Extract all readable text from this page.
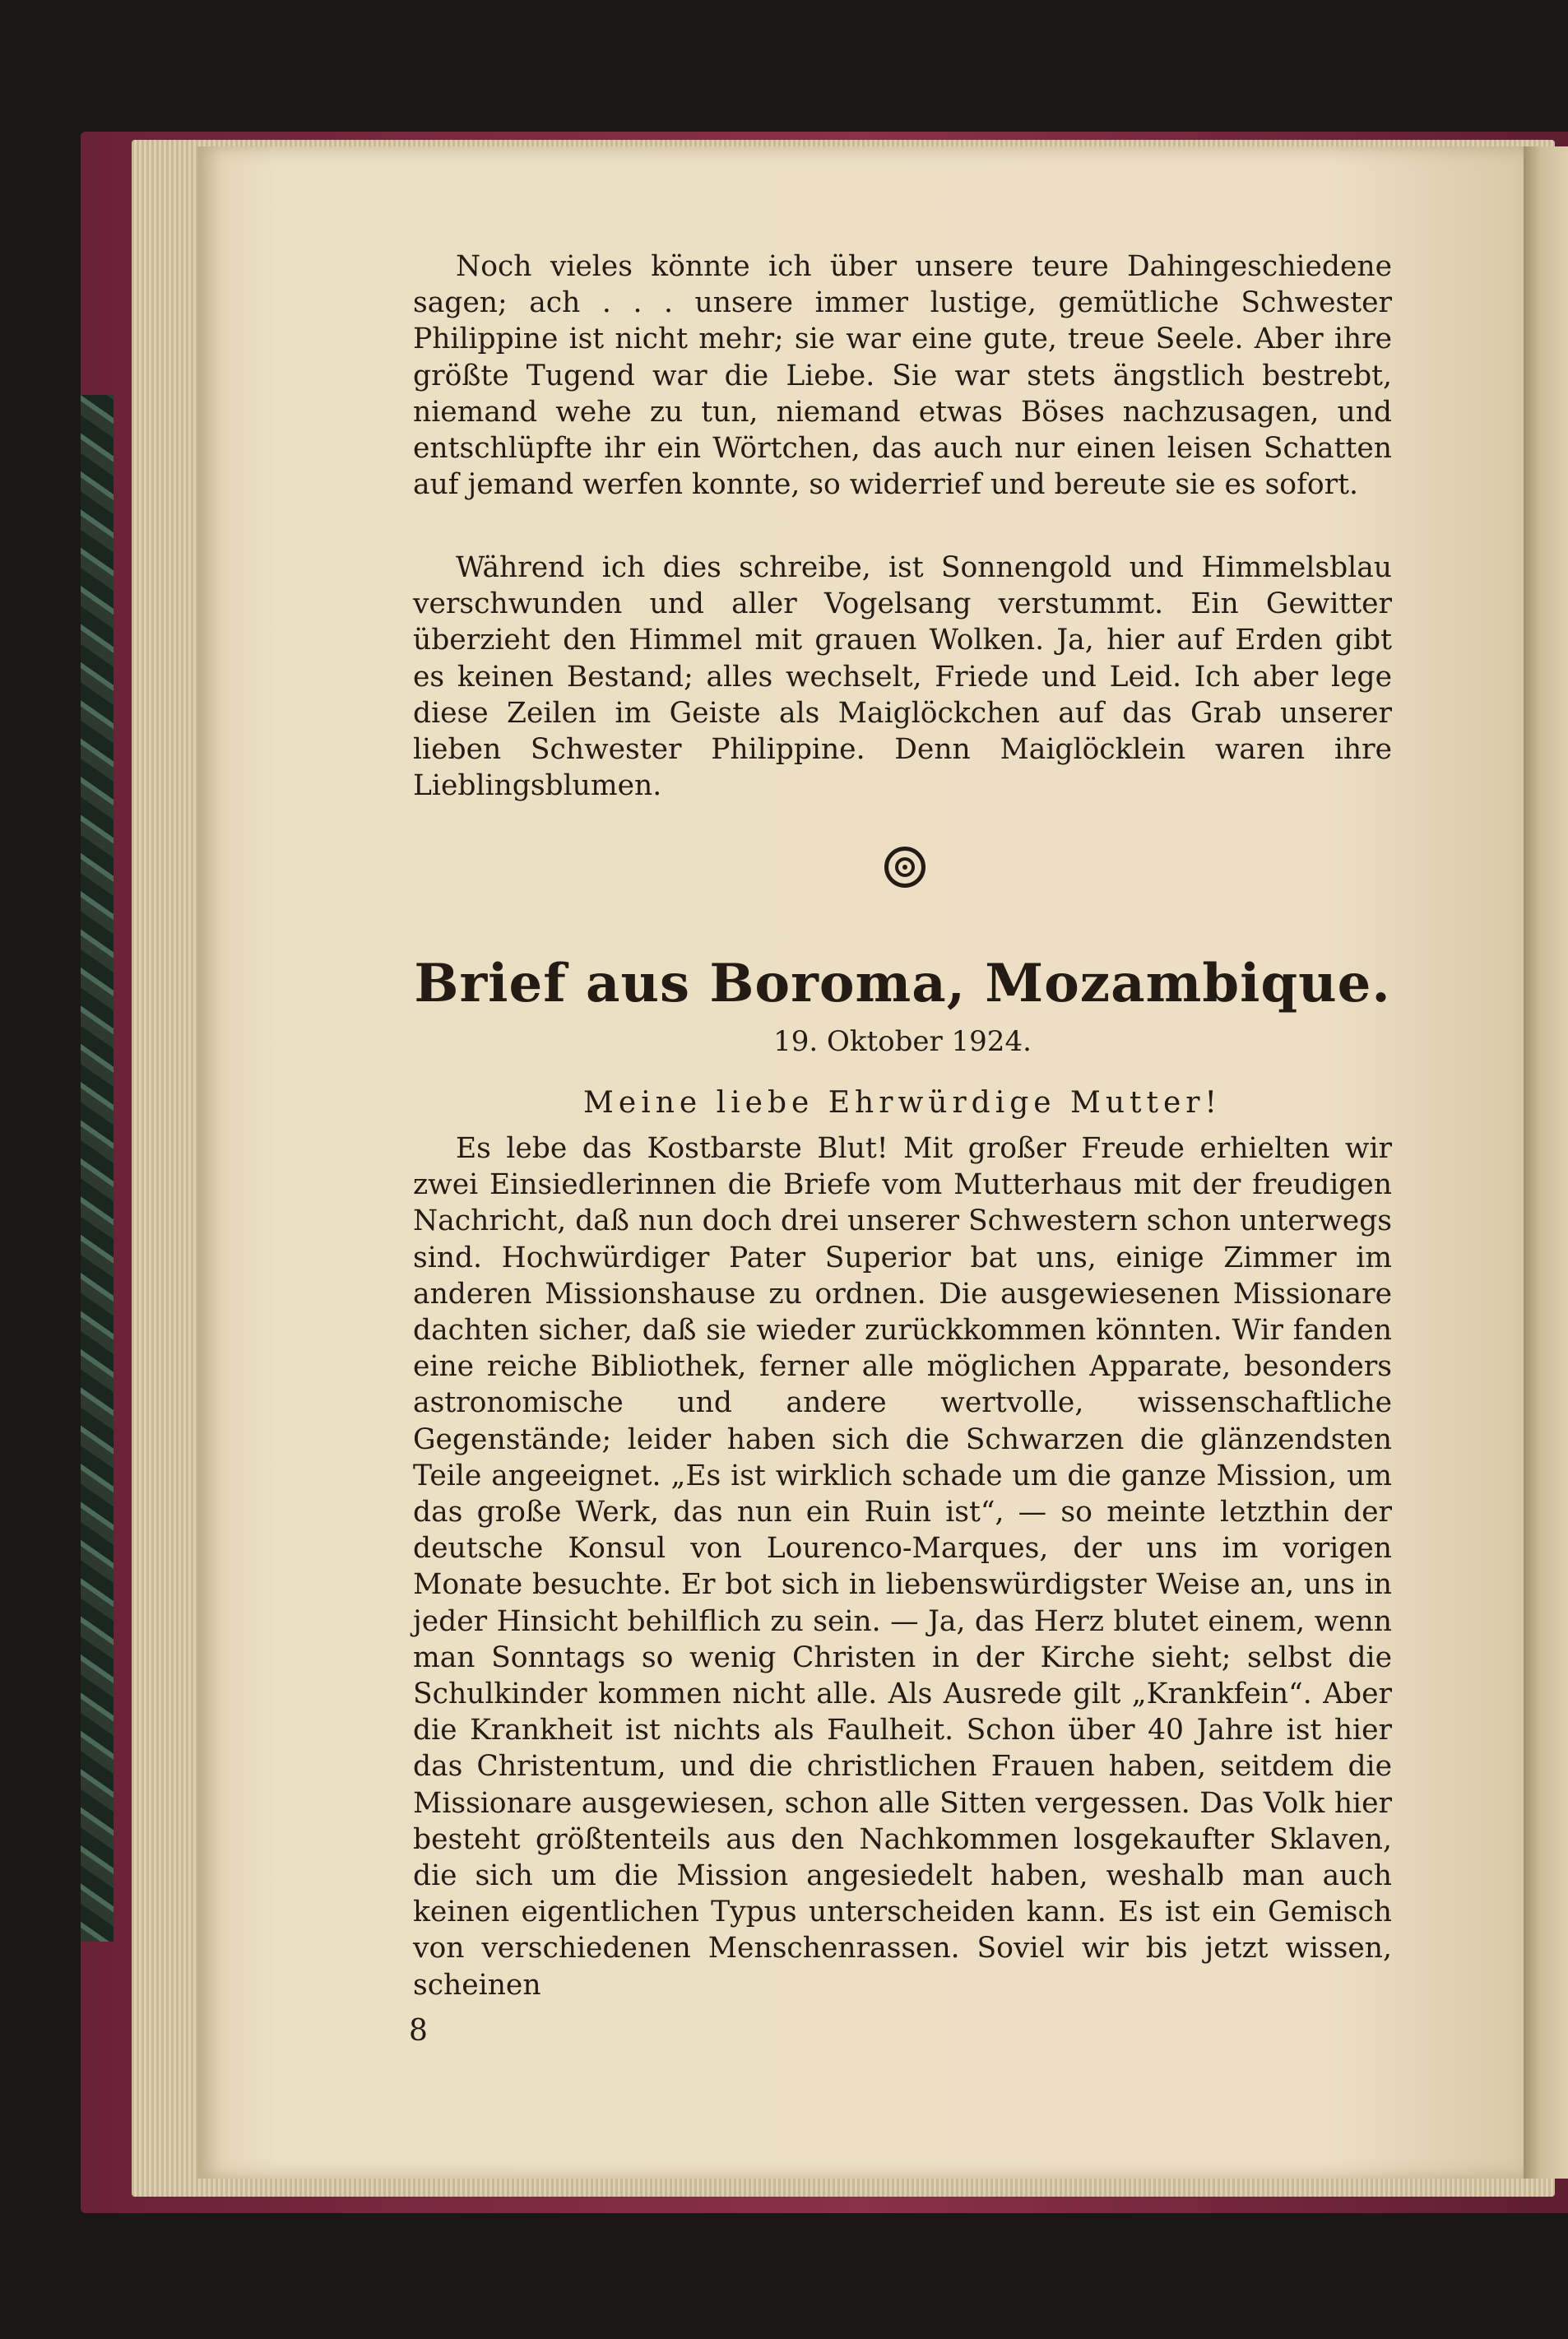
Noch vieles könnte ich über unsere teure Dahingeschiedene sagen; ach . . . unsere immer lustige, gemütliche Schwester Philippine ist nicht mehr; sie war eine gute, treue Seele. Aber ihre größte Tugend war die Liebe. Sie war stets ängstlich bestrebt, niemand wehe zu tun, niemand etwas Böses nachzusagen, und entschlüpfte ihr ein Wörtchen, das auch nur einen leisen Schatten auf jemand werfen konnte, so widerrief und bereute sie es sofort.

Während ich dies schreibe, ist Sonnengold und Himmelsblau verschwunden und aller Vogelsang verstummt. Ein Gewitter überzieht den Himmel mit grauen Wolken. Ja, hier auf Erden gibt es keinen Bestand; alles wechselt, Friede und Leid. Ich aber lege diese Zeilen im Geiste als Maiglöckchen auf das Grab unserer lieben Schwester Philippine. Denn Maiglöcklein waren ihre Lieblingsblumen.

Brief aus Boroma, Mozambique.
19. Oktober 1924.
Meine liebe Ehrwürdige Mutter!

Es lebe das Kostbarste Blut! Mit großer Freude erhielten wir zwei Einsiedlerinnen die Briefe vom Mutterhaus mit der freudigen Nachricht, daß nun doch drei unserer Schwestern schon unterwegs sind. Hochwürdiger Pater Superior bat uns, einige Zimmer im anderen Missionshause zu ordnen. Die ausgewiesenen Missionare dachten sicher, daß sie wieder zurückkommen könnten. Wir fanden eine reiche Bibliothek, ferner alle möglichen Apparate, besonders astronomische und andere wertvolle, wissenschaftliche Gegenstände; leider haben sich die Schwarzen die glänzendsten Teile angeeignet. „Es ist wirklich schade um die ganze Mission, um das große Werk, das nun ein Ruin ist“, — so meinte letzthin der deutsche Konsul von Lourenco-Marques, der uns im vorigen Monate besuchte. Er bot sich in liebenswürdigster Weise an, uns in jeder Hinsicht behilflich zu sein. — Ja, das Herz blutet einem, wenn man Sonntags so wenig Christen in der Kirche sieht; selbst die Schulkinder kommen nicht alle. Als Ausrede gilt „Krankfein“. Aber die Krankheit ist nichts als Faulheit. Schon über 40 Jahre ist hier das Christentum, und die christlichen Frauen haben, seitdem die Missionare ausgewiesen, schon alle Sitten vergessen. Das Volk hier besteht größtenteils aus den Nachkommen losgekaufter Sklaven, die sich um die Mission angesiedelt haben, weshalb man auch keinen eigentlichen Typus unterscheiden kann. Es ist ein Gemisch von verschiedenen Menschenrassen. Soviel wir bis jetzt wissen, scheinen

8
